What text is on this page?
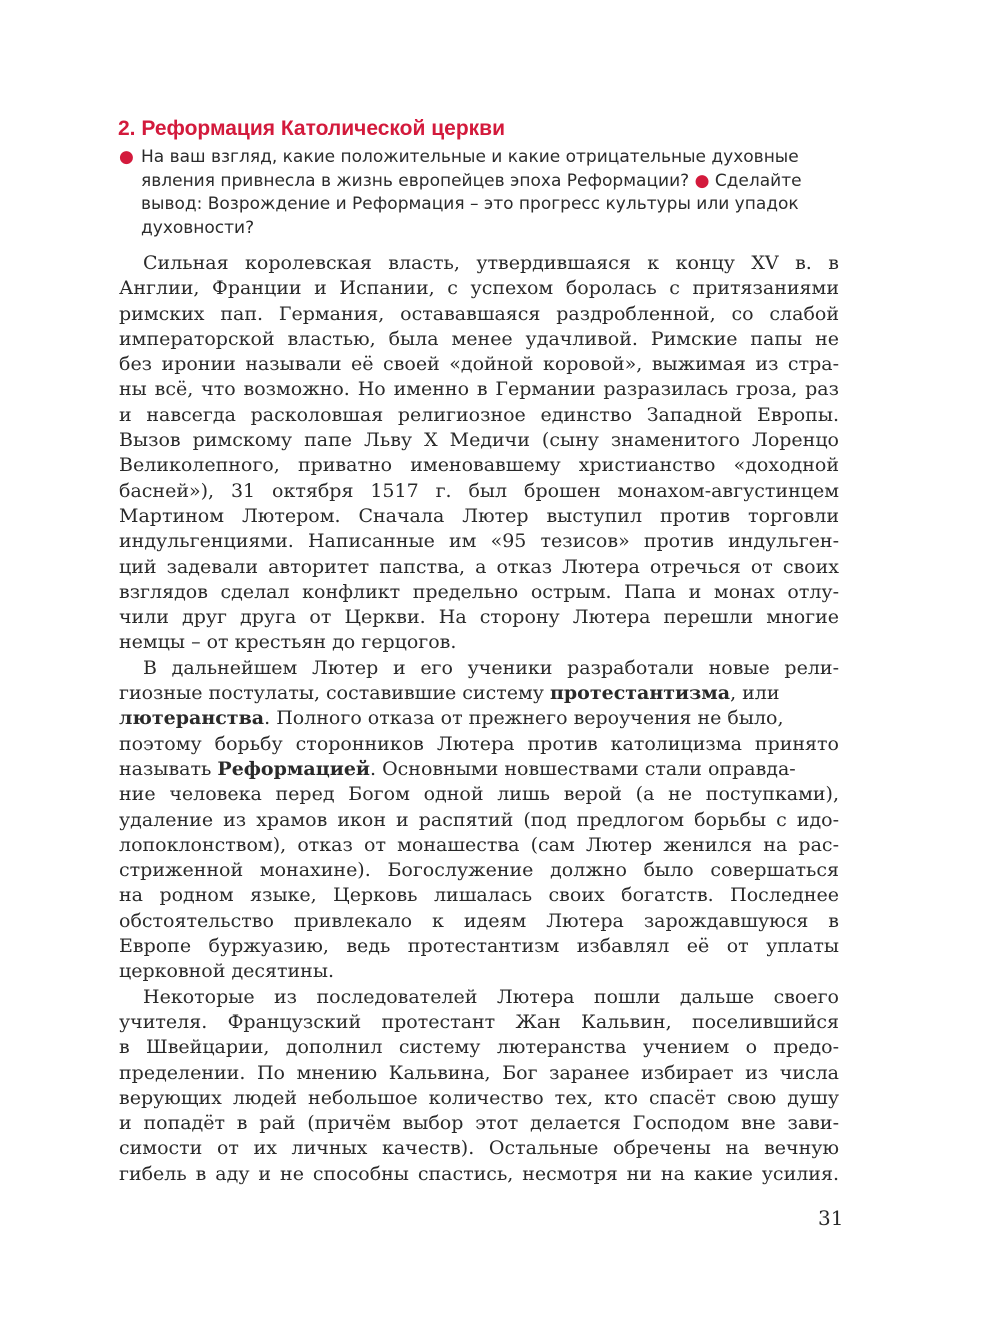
2. Реформация Католической церкви
● На ваш взгляд, какие положительные и какие отрицательные духовные
явления привнесла в жизнь европейцев эпоха Реформации? ● Сделайте
вывод: Возрождение и Реформация – это прогресс культуры или упадок
духовности?
Сильная королевская власть, утвердившаяся к концу XV в. в
Англии, Франции и Испании, с успехом боролась с притязаниями
римских пап. Германия, остававшаяся раздробленной, со слабой
императорской властью, была менее удачливой. Римские папы не
без иронии называли её своей «дойной коровой», выжимая из стра-
ны всё, что возможно. Но именно в Германии разразилась гроза, раз
и навсегда расколовшая религиозное единство Западной Европы.
Вызов римскому папе Льву X Медичи (сыну знаменитого Лоренцо
Великолепного, приватно именовавшему христианство «доходной
басней»), 31 октября 1517 г. был брошен монахом-августинцем
Мартином Лютером. Сначала Лютер выступил против торговли
индульгенциями. Написанные им «95 тезисов» против индульген-
ций задевали авторитет папства, а отказ Лютера отречься от своих
взглядов сделал конфликт предельно острым. Папа и монах отлу-
чили друг друга от Церкви. На сторону Лютера перешли многие
немцы – от крестьян до герцогов.
В дальнейшем Лютер и его ученики разработали новые рели-
гиозные постулаты, составившие систему протестантизма, или
лютеранства. Полного отказа от прежнего вероучения не было,
поэтому борьбу сторонников Лютера против католицизма принято
называть Реформацией. Основными новшествами стали оправда-
ние человека перед Богом одной лишь верой (а не поступками),
удаление из храмов икон и распятий (под предлогом борьбы с идо-
лопоклонством), отказ от монашества (сам Лютер женился на рас-
стриженной монахине). Богослужение должно было совершаться
на родном языке, Церковь лишалась своих богатств. Последнее
обстоятельство привлекало к идеям Лютера зарождавшуюся в
Европе буржуазию, ведь протестантизм избавлял её от уплаты
церковной десятины.
Некоторые из последователей Лютера пошли дальше своего
учителя. Французский протестант Жан Кальвин, поселившийся
в Швейцарии, дополнил систему лютеранства учением о предо-
пределении. По мнению Кальвина, Бог заранее избирает из числа
верующих людей небольшое количество тех, кто спасёт свою душу
и попадёт в рай (причём выбор этот делается Господом вне зави-
симости от их личных качеств). Остальные обречены на вечную
гибель в аду и не способны спастись, несмотря ни на какие усилия.
31
